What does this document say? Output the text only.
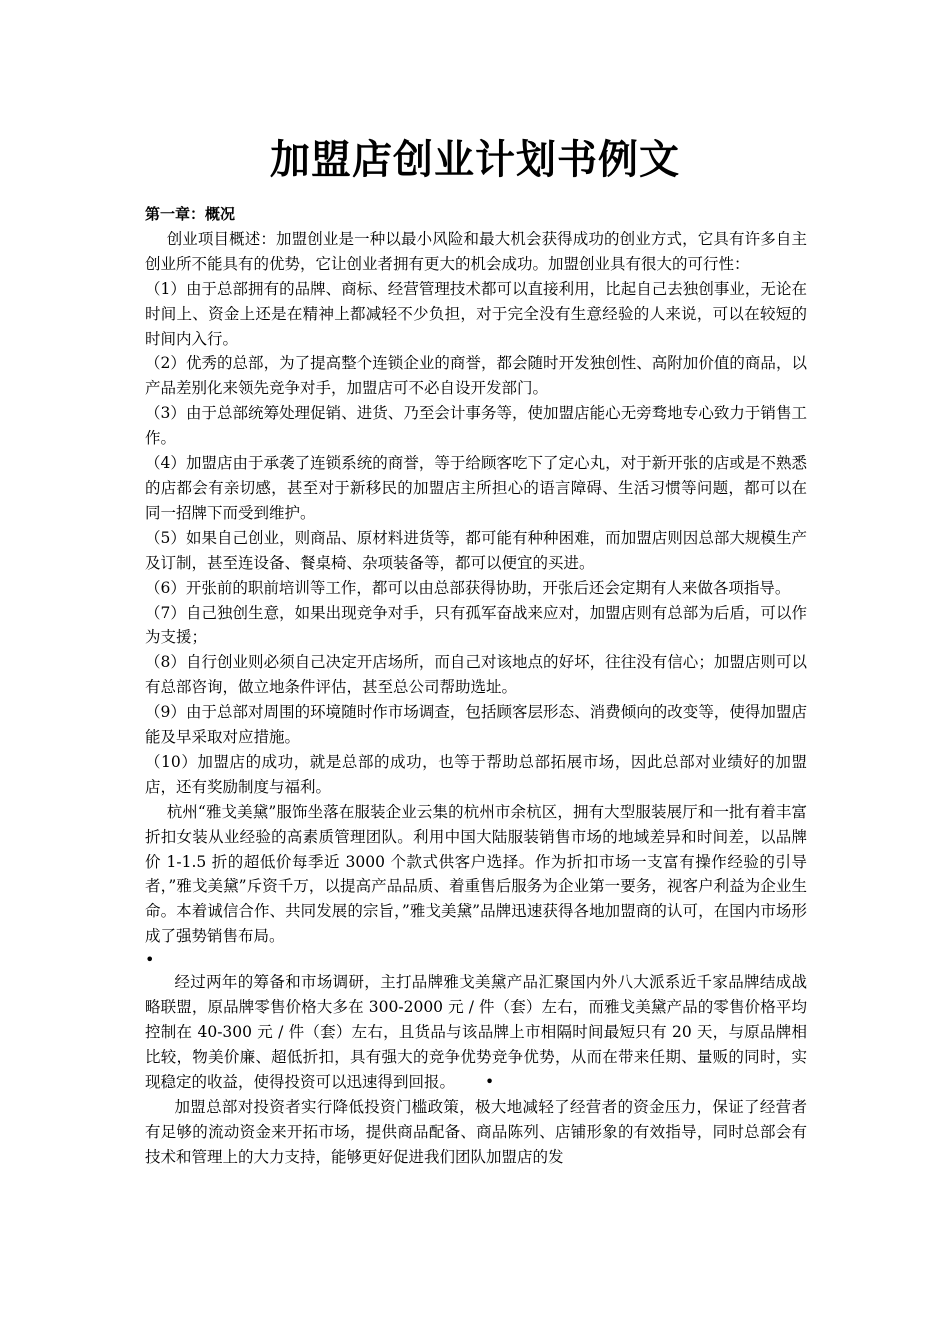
加盟店创业计划书例文
第一章：概况

创业项目概述：加盟创业是一种以最小风险和最大机会获得成功的创业方式，它具有许多自主创业所不能具有的优势，它让创业者拥有更大的机会成功。加盟创业具有很大的可行性：

（1）由于总部拥有的品牌、商标、经营管理技术都可以直接利用，比起自己去独创事业，无论在时间上、资金上还是在精神上都减轻不少负担，对于完全没有生意经验的人来说，可以在较短的时间内入行。

（2）优秀的总部，为了提高整个连锁企业的商誉，都会随时开发独创性、高附加价值的商品，以产品差别化来领先竞争对手，加盟店可不必自设开发部门。

（3）由于总部统筹处理促销、进货、乃至会计事务等，使加盟店能心无旁骛地专心致力于销售工作。

（4）加盟店由于承袭了连锁系统的商誉，等于给顾客吃下了定心丸，对于新开张的店或是不熟悉的店都会有亲切感，甚至对于新移民的加盟店主所担心的语言障碍、生活习惯等问题，都可以在同一招牌下而受到维护。

（5）如果自己创业，则商品、原材料进货等，都可能有种种困难，而加盟店则因总部大规模生产及订制，甚至连设备、餐桌椅、杂项装备等，都可以便宜的买进。

（6）开张前的职前培训等工作，都可以由总部获得协助，开张后还会定期有人来做各项指导。

（7）自己独创生意，如果出现竞争对手，只有孤军奋战来应对，加盟店则有总部为后盾，可以作为支援；

（8）自行创业则必须自己决定开店场所，而自己对该地点的好坏，往往没有信心；加盟店则可以有总部咨询，做立地条件评估，甚至总公司帮助选址。

（9）由于总部对周围的环境随时作市场调查，包括顾客层形态、消费倾向的改变等，使得加盟店能及早采取对应措施。

（10）加盟店的成功，就是总部的成功，也等于帮助总部拓展市场，因此总部对业绩好的加盟店，还有奖励制度与福利。

杭州“雅戈美黛”服饰坐落在服装企业云集的杭州市余杭区，拥有大型服装展厅和一批有着丰富折扣女装从业经验的高素质管理团队。利用中国大陆服装销售市场的地域差异和时间差，以品牌价 1-1.5 折的超低价每季近 3000 个款式供客户选择。作为折扣市场一支富有操作经验的引导者，”雅戈美黛”斥资千万，以提高产品品质、着重售后服务为企业第一要务，视客户利益为企业生命。本着诚信合作、共同发展的宗旨，”雅戈美黛”品牌迅速获得各地加盟商的认可，在国内市场形成了强势销售布局。

•

经过两年的筹备和市场调研，主打品牌雅戈美黛产品汇聚国内外八大派系近千家品牌结成战略联盟，原品牌零售价格大多在 300-2000 元 / 件（套）左右，而雅戈美黛产品的零售价格平均控制在 40-300 元 / 件（套）左右，且货品与该品牌上市相隔时间最短只有 20 天，与原品牌相比较，物美价廉、超低折扣，具有强大的竞争优势竞争优势，从而在带来任期、量贩的同时，实现稳定的收益，使得投资可以迅速得到回报。 •

加盟总部对投资者实行降低投资门槛政策，极大地减轻了经营者的资金压力，保证了经营者有足够的流动资金来开拓市场，提供商品配备、商品陈列、店铺形象的有效指导，同时总部会有技术和管理上的大力支持，能够更好促进我们团队加盟店的发
